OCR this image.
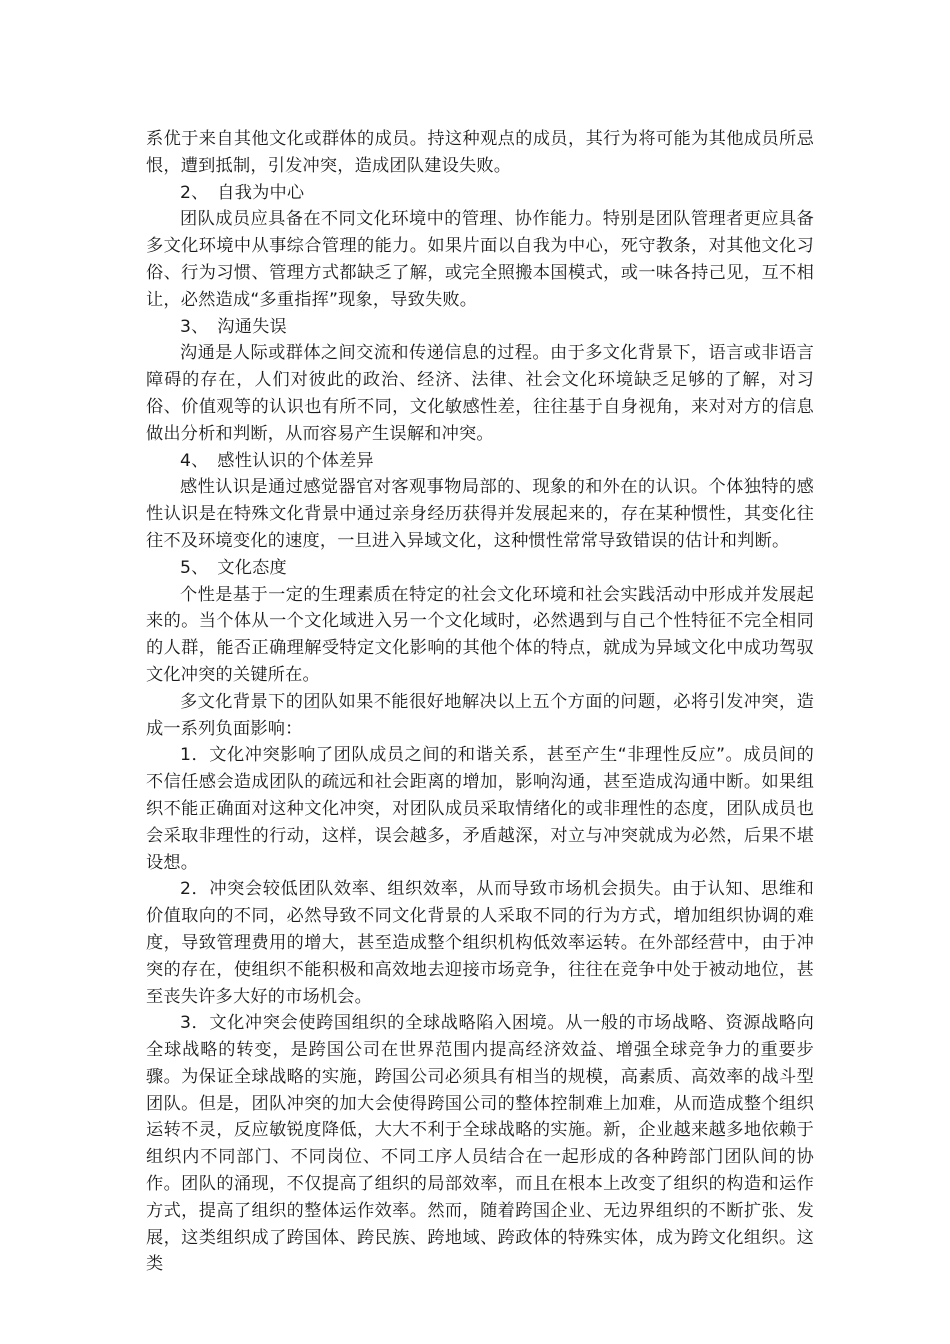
系优于来自其他文化或群体的成员。持这种观点的成员，其行为将可能为其他成员所忌恨，遭到抵制，引发冲突，造成团队建设失败。

2、　自我为中心

团队成员应具备在不同文化环境中的管理、协作能力。特别是团队管理者更应具备多文化环境中从事综合管理的能力。如果片面以自我为中心，死守教条，对其他文化习俗、行为习惯、管理方式都缺乏了解，或完全照搬本国模式，或一味各持己见，互不相让，必然造成“多重指挥”现象，导致失败。

3、　沟通失误

沟通是人际或群体之间交流和传递信息的过程。由于多文化背景下，语言或非语言障碍的存在，人们对彼此的政治、经济、法律、社会文化环境缺乏足够的了解，对习俗、价值观等的认识也有所不同，文化敏感性差，往往基于自身视角，来对对方的信息做出分析和判断，从而容易产生误解和冲突。

4、　感性认识的个体差异

感性认识是通过感觉器官对客观事物局部的、现象的和外在的认识。个体独特的感性认识是在特殊文化背景中通过亲身经历获得并发展起来的，存在某种惯性，其变化往往不及环境变化的速度，一旦进入异域文化，这种惯性常常导致错误的估计和判断。

5、　文化态度

个性是基于一定的生理素质在特定的社会文化环境和社会实践活动中形成并发展起来的。当个体从一个文化域进入另一个文化域时，必然遇到与自己个性特征不完全相同的人群，能否正确理解受特定文化影响的其他个体的特点，就成为异域文化中成功驾驭文化冲突的关键所在。

多文化背景下的团队如果不能很好地解决以上五个方面的问题，必将引发冲突，造成一系列负面影响：

1．文化冲突影响了团队成员之间的和谐关系，甚至产生“非理性反应”。成员间的不信任感会造成团队的疏远和社会距离的增加，影响沟通，甚至造成沟通中断。如果组织不能正确面对这种文化冲突，对团队成员采取情绪化的或非理性的态度，团队成员也会采取非理性的行动，这样，误会越多，矛盾越深，对立与冲突就成为必然，后果不堪设想。

2．冲突会较低团队效率、组织效率，从而导致市场机会损失。由于认知、思维和价值取向的不同，必然导致不同文化背景的人采取不同的行为方式，增加组织协调的难度，导致管理费用的增大，甚至造成整个组织机构低效率运转。在外部经营中，由于冲突的存在，使组织不能积极和高效地去迎接市场竞争，往往在竞争中处于被动地位，甚至丧失许多大好的市场机会。

3．文化冲突会使跨国组织的全球战略陷入困境。从一般的市场战略、资源战略向全球战略的转变，是跨国公司在世界范围内提高经济效益、增强全球竞争力的重要步骤。为保证全球战略的实施，跨国公司必须具有相当的规模，高素质、高效率的战斗型团队。但是，团队冲突的加大会使得跨国公司的整体控制难上加难，从而造成整个组织运转不灵，反应敏锐度降低，大大不利于全球战略的实施。新，企业越来越多地依赖于组织内不同部门、不同岗位、不同工序人员结合在一起形成的各种跨部门团队间的协作。团队的涌现，不仅提高了组织的局部效率，而且在根本上改变了组织的构造和运作方式，提高了组织的整体运作效率。然而，随着跨国企业、无边界组织的不断扩张、发展，这类组织成了跨国体、跨民族、跨地域、跨政体的特殊实体，成为跨文化组织。这类
